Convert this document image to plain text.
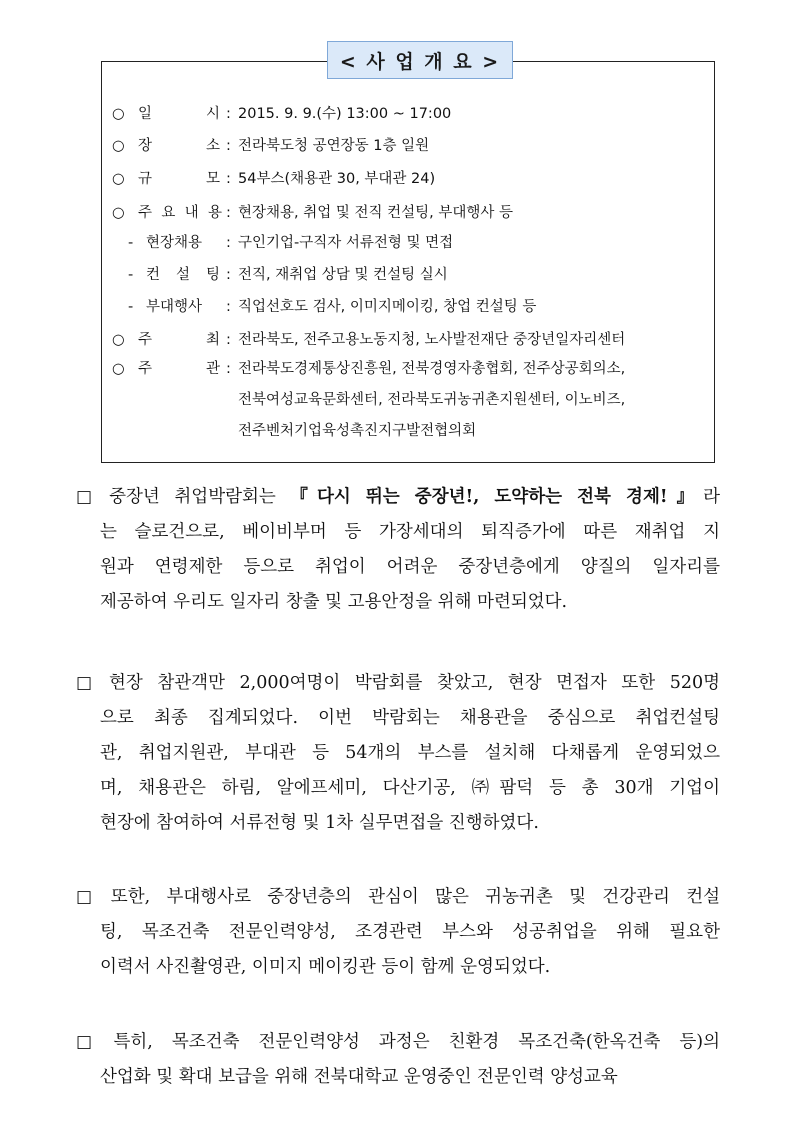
< 사 업 개 요 >
○ 일	시 : 2015. 9. 9.(수) 13:00 ~ 17:00
○ 장	소 : 전라북도청 공연장동 1층 일원
○ 규	모 : 54부스(채용관 30, 부대관 24)
○ 주 요 내 용 : 현장채용, 취업 및 전직 컨설팅, 부대행사 등
- 현장채용	: 구인기업-구직자 서류전형 및 면접
- 컨 설 팅 : 전직, 재취업 상담 및 컨설팅 실시
- 부대행사	: 직업선호도 검사, 이미지메이킹, 창업 컨설팅 등
○ 주	최 : 전라북도, 전주고용노동지청, 노사발전재단 중장년일자리센터
○ 주	관 : 전라북도경제통상진흥원, 전북경영자총협회, 전주상공회의소,
전북여성교육문화센터, 전라북도귀농귀촌지원센터, 이노비즈,
전주벤처기업육성촉진지구발전협의회
□ 중장년 취업박람회는 『다시 뛰는 중장년!, 도약하는 전북 경제!』라
는 슬로건으로, 베이비부머 등 가장세대의 퇴직증가에 따른 재취업 지
원과 연령제한 등으로 취업이 어려운 중장년층에게 양질의 일자리를
제공하여 우리도 일자리 창출 및 고용안정을 위해 마련되었다.
□ 현장 참관객만 2,000여명이 박람회를 찾았고, 현장 면접자 또한 520명
으로 최종 집계되었다. 이번 박람회는 채용관을 중심으로 취업컨설팅
관, 취업지원관, 부대관 등 54개의 부스를 설치해 다채롭게 운영되었으
며, 채용관은 하림, 알에프세미, 다산기공, ㈜팜덕 등 총 30개 기업이
현장에 참여하여 서류전형 및 1차 실무면접을 진행하였다.
□ 또한, 부대행사로 중장년층의 관심이 많은 귀농귀촌 및 건강관리 컨설
팅, 목조건축 전문인력양성, 조경관련 부스와 성공취업을 위해 필요한
이력서 사진촬영관, 이미지 메이킹관 등이 함께 운영되었다.
□ 특히, 목조건축 전문인력양성 과정은 친환경 목조건축(한옥건축 등)의
산업화 및 확대 보급을 위해 전북대학교 운영중인 전문인력 양성교육
